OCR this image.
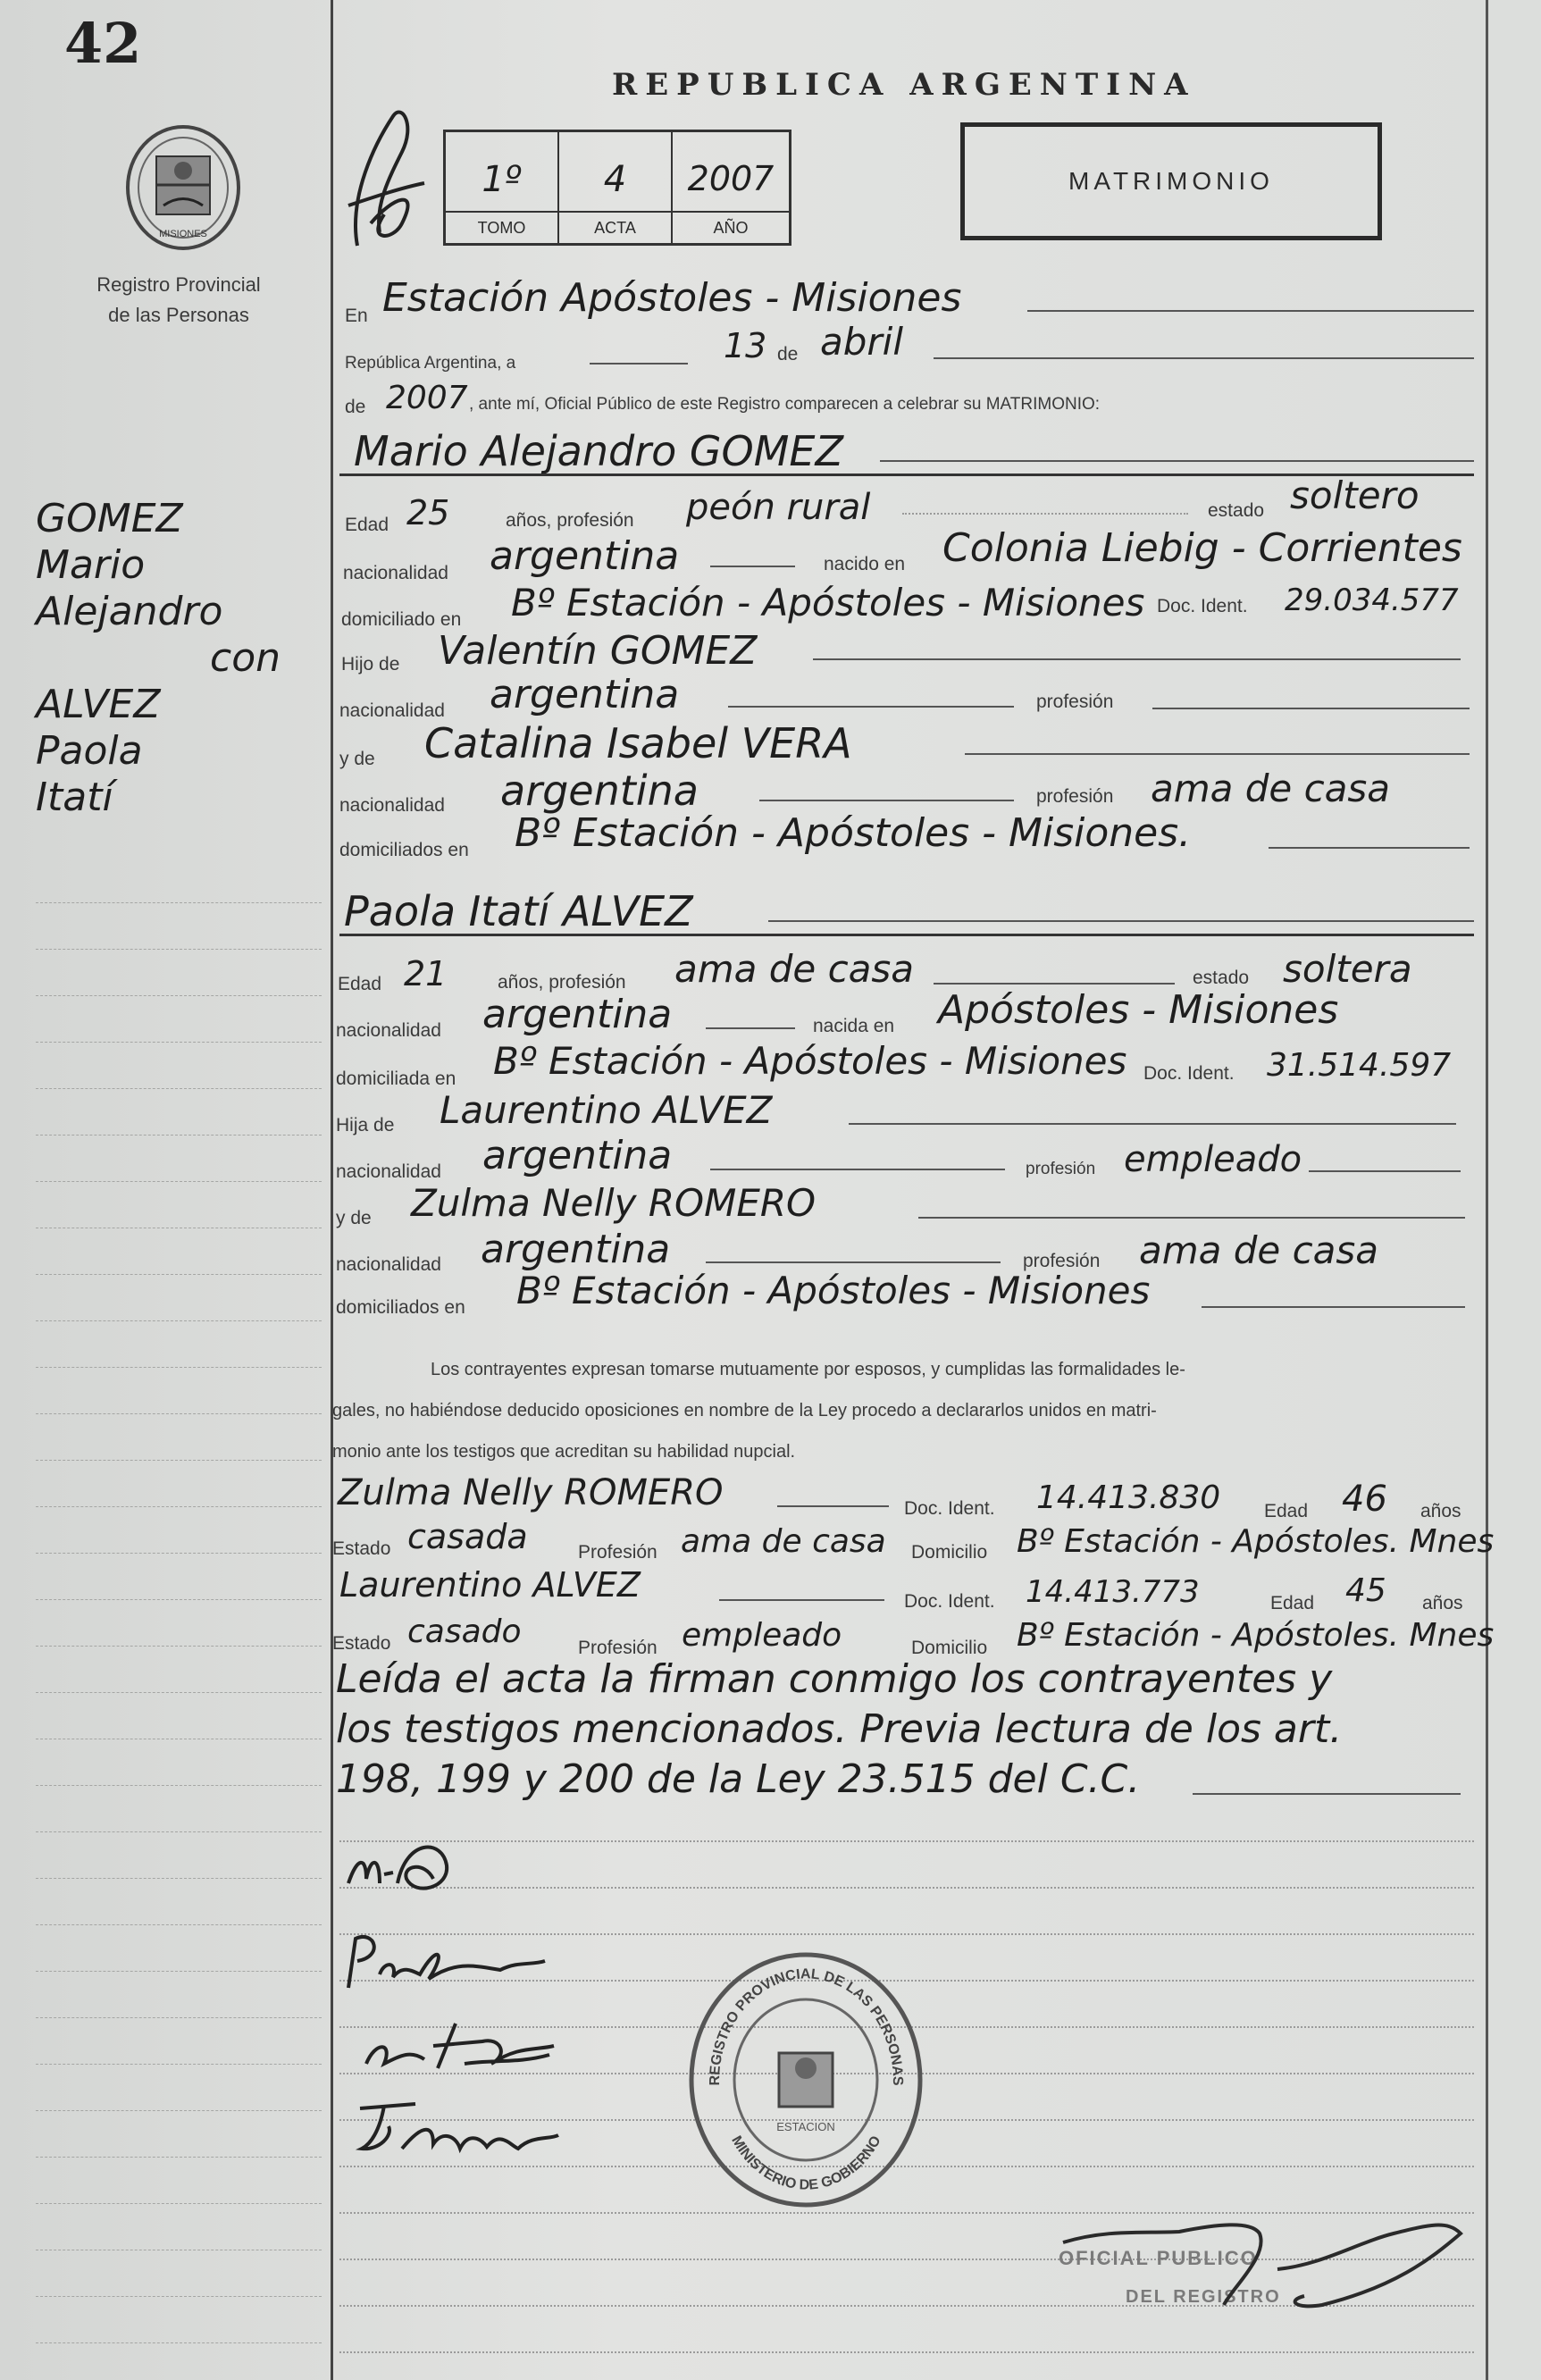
42
MISIONES
Registro Provincial
de las Personas
GOMEZ
Mario
Alejandro
con
ALVEZ
Paola
Itatí
REPUBLICA ARGENTINA
1º
TOMO
4
ACTA
2007
AÑO
MATRIMONIO
En Estación Apóstoles - Misiones
República Argentina, a	13 de abril
de 2007 , ante mí, Oficial Público de este Registro comparecen a celebrar su MATRIMONIO:
Mario Alejandro GOMEZ
Edad 25	años, profesión peón rural	estado soltero
nacionalidad argentina	nacido en Colonia Liebig - Corrientes
domiciliado en Bº Estación - Apóstoles - Misiones Doc. Ident. 29.034.577
Hijo de Valentín GOMEZ
nacionalidad argentina	profesión
y de Catalina Isabel VERA
nacionalidad argentina	profesión ama de casa
domiciliados en Bº Estación - Apóstoles - Misiones.
Paola Itatí ALVEZ
Edad 21	años, profesión ama de casa	estado soltera
nacionalidad argentina	nacida en Apóstoles - Misiones
domiciliada en Bº Estación - Apóstoles - Misiones Doc. Ident. 31.514.597
Hija de Laurentino ALVEZ
nacionalidad argentina	profesión empleado
y de Zulma Nelly ROMERO
nacionalidad argentina	profesión ama de casa
domiciliados en Bº Estación - Apóstoles - Misiones
Los contrayentes expresan tomarse mutuamente por esposos, y cumplidas las formalidades le-
gales, no habiéndose deducido oposiciones en nombre de la Ley procedo a declararlos unidos en matri-
monio ante los testigos que acreditan su habilidad nupcial.
Zulma Nelly ROMERO	Doc. Ident. 14.413.830 Edad 46 años
Estado casada	Profesión ama de casa Domicilio Bº Estación - Apóstoles. Mnes
Laurentino ALVEZ	Doc. Ident. 14.413.773	Edad 45 años
Estado casado	Profesión empleado	Domicilio Bº Estación - Apóstoles. Mnes
Leída el acta la firman conmigo los contrayentes y
los testigos mencionados. Previa lectura de los art.
198, 199 y 200 de la Ley 23.515 del C.C.
REGISTRO PROVINCIAL DE LAS PERSONAS
MINISTERIO DE GOBIERNO
ESTACION
OFICIAL PUBLICO
DEL REGISTRO
